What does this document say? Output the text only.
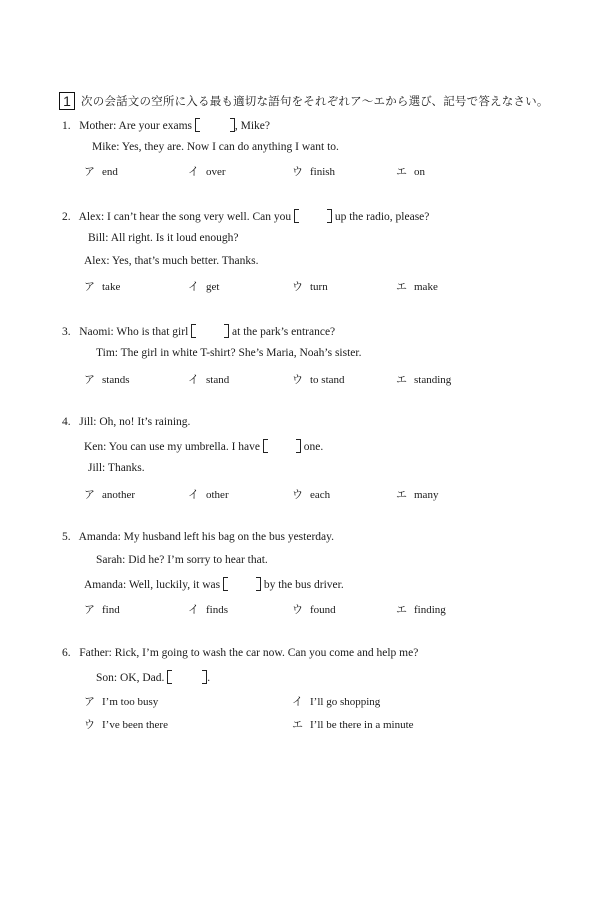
1 次の会話文の空所に入る最も適切な語句をそれぞれア～エから選び、記号で答えなさい。
1. Mother: Are your exams	, Mike?
Mike: Yes, they are. Now I can do anything I want to.
ア end	イ over	ウ finish	エ on
2. Alex: I can’t hear the song very well. Can you	up the radio, please?
Bill: All right. Is it loud enough?
Alex: Yes, that’s much better. Thanks.
ア take	イ get	ウ turn	エ make
3. Naomi: Who is that girl	at the park’s entrance?
Tim: The girl in white T-shirt? She’s Maria, Noah’s sister.
ア stands	イ stand	ウ to stand	エ standing
4. Jill: Oh, no! It’s raining.
Ken: You can use my umbrella. I have	one.
Jill: Thanks.
ア another	イ other	ウ each	エ many
5. Amanda: My husband left his bag on the bus yesterday.
Sarah: Did he? I’m sorry to hear that.
Amanda: Well, luckily, it was	by the bus driver.
ア find	イ finds	ウ found	エ finding
6. Father: Rick, I’m going to wash the car now. Can you come and help me?
Son: OK, Dad.	.
ア I’m too busy	イ I’ll go shopping
ウ I’ve been there	エ I’ll be there in a minute
